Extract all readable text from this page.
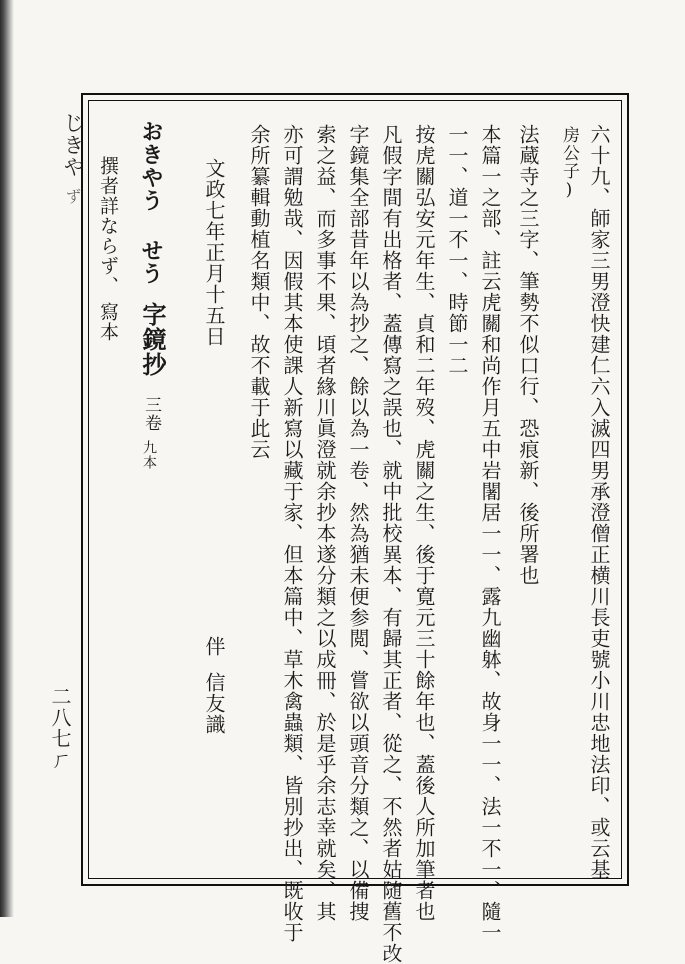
じきや
ず
二八七ㄏ	六十九、師家三男澄快建仁六入滅四男承澄僧正横川長吏號小川忠地法印、或云基
房公子)
法蔵寺之三字、筆勢不似口行、恐痕新、後所署也
本篇一之部、註云虎關和尚作月五中岩闍居一一、露九幽躰、故身一一、法一不一、隨一
一一、道一不一、時節一二
按虎關弘安元年生、貞和二年歿、虎關之生、後于寛元三十餘年也、蓋後人所加筆者也
凡假字間有出格者、蓋傳寫之誤也、就中批校異本、有歸其正者、從之、不然者姑随舊不改
字鏡集全部昔年以為抄之、餘以為一卷、然為猶未便参閲、嘗欲以頭音分類之、以備捜
索之益、而多事不果、頃者緣川眞澄就余抄本遂分類之以成冊、於是乎余志幸就矣、其
亦可謂勉哉、因假其本使課人新寫以藏于家、但本篇中、草木禽蟲類、皆別抄出、既收于
余所纂輯動植名類中、故不載于此云
文政七年正月十五日
伴
信友識
おきやう せう
字鏡抄
三卷
九本
撰者詳ならず、
寫本
